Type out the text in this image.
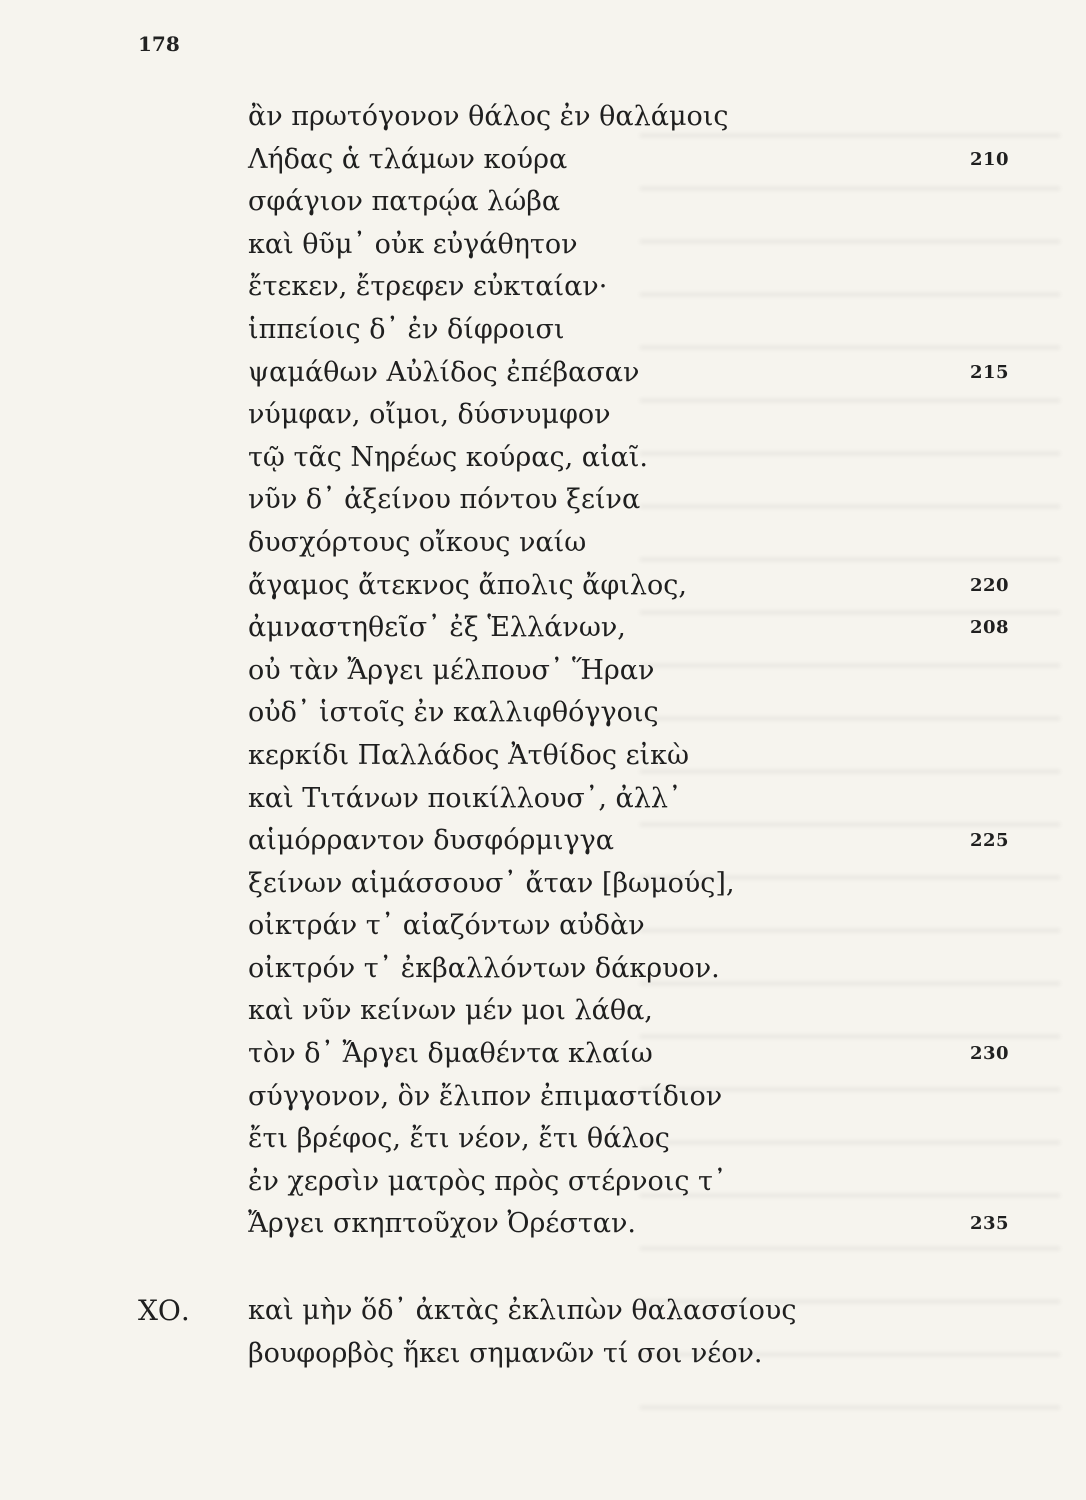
178
ἂν πρωτόγονον θάλος ἐν θαλάμοις
Λήδας ἁ τλάμων κούρα	210
σφάγιον πατρῴα λώβα
καὶ θῦμ᾽ οὐκ εὐγάθητον
ἔτεκεν, ἔτρεφεν εὐκταίαν·
ἱππείοις δ᾽ ἐν δίφροισι
ψαμάθων Αὐλίδος ἐπέβασαν	215
νύμφαν, οἴμοι, δύσνυμφον
τῷ τᾶς Νηρέως κούρας, αἰαῖ.
νῦν δ᾽ ἀξείνου πόντου ξείνα
δυσχόρτους οἴκους ναίω
ἄγαμος ἄτεκνος ἄπολις ἄφιλος,	220
ἀμναστηθεῖσ᾽ ἐξ Ἑλλάνων,	208
οὐ τὰν Ἄργει μέλπουσ᾽ Ἥραν
οὐδ᾽ ἱστοῖς ἐν καλλιφθόγγοις
κερκίδι Παλλάδος Ἀτθίδος εἰκὼ
καὶ Τιτάνων ποικίλλουσ᾽, ἀλλ᾽
αἱμόρραντον δυσφόρμιγγα	225
ξείνων αἱμάσσουσ᾽ ἄταν [βωμούς],
οἰκτράν τ᾽ αἰαζόντων αὐδὰν
οἰκτρόν τ᾽ ἐκβαλλόντων δάκρυον.
καὶ νῦν κείνων μέν μοι λάθα,
τὸν δ᾽ Ἄργει δμαθέντα κλαίω	230
σύγγονον, ὃν ἔλιπον ἐπιμαστίδιον
ἔτι βρέφος, ἔτι νέον, ἔτι θάλος
ἐν χερσὶν ματρὸς πρὸς στέρνοις τ᾽
Ἄργει σκηπτοῦχον Ὀρέσταν.	235
ΧΟ. καὶ μὴν ὅδ᾽ ἀκτὰς ἐκλιπὼν θαλασσίους
βουφορβὸς ἥκει σημανῶν τί σοι νέον.
